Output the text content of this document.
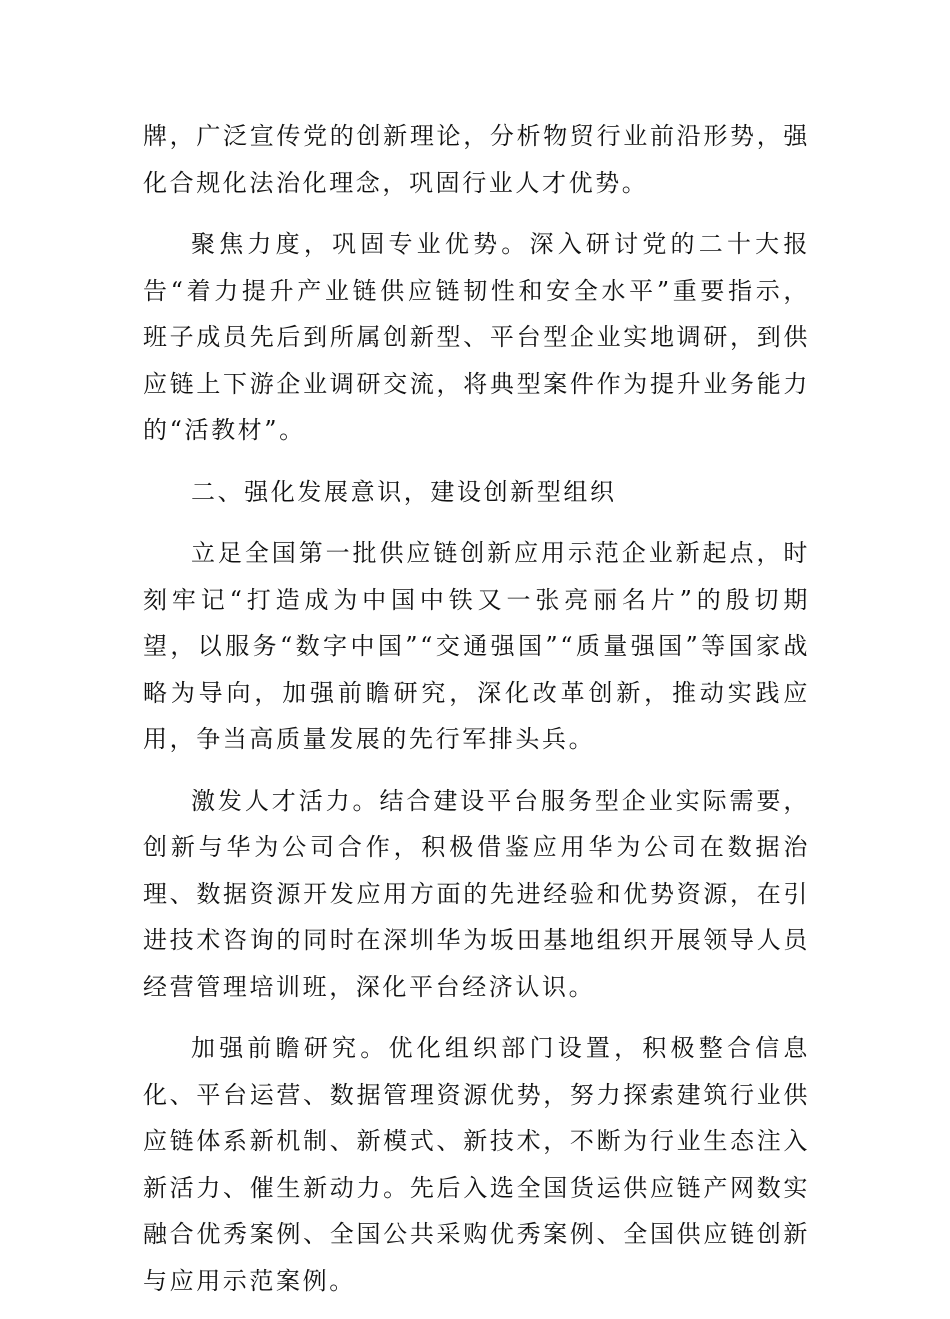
牌，广泛宣传党的创新理论，分析物贸行业前沿形势，强化合规化法治化理念，巩固行业人才优势。

聚焦力度，巩固专业优势。深入研讨党的二十大报告“着力提升产业链供应链韧性和安全水平”重要指示，班子成员先后到所属创新型、平台型企业实地调研，到供应链上下游企业调研交流，将典型案件作为提升业务能力的“活教材”。

二、强化发展意识，建设创新型组织

立足全国第一批供应链创新应用示范企业新起点，时刻牢记“打造成为中国中铁又一张亮丽名片”的殷切期望，以服务“数字中国”“交通强国”“质量强国”等国家战略为导向，加强前瞻研究，深化改革创新，推动实践应用，争当高质量发展的先行军排头兵。

激发人才活力。结合建设平台服务型企业实际需要，创新与华为公司合作，积极借鉴应用华为公司在数据治理、数据资源开发应用方面的先进经验和优势资源，在引进技术咨询的同时在深圳华为坂田基地组织开展领导人员经营管理培训班，深化平台经济认识。

加强前瞻研究。优化组织部门设置，积极整合信息化、平台运营、数据管理资源优势，努力探索建筑行业供应链体系新机制、新模式、新技术，不断为行业生态注入新活力、催生新动力。先后入选全国货运供应链产网数实融合优秀案例、全国公共采购优秀案例、全国供应链创新与应用示范案例。
